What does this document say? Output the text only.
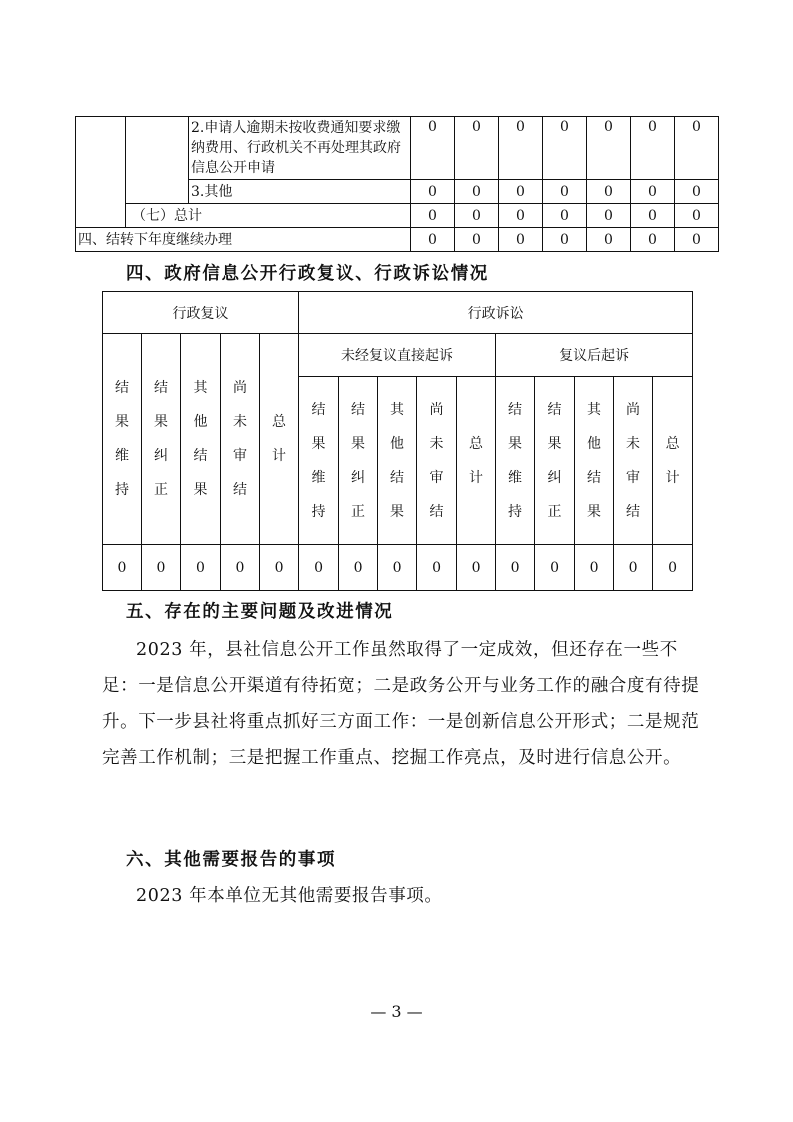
		2.申请人逾期未按收费通知要求缴纳费用、行政机关不再处理其政府信息公开申请	0	0	0	0	0	0	0
		3.其他	0	0	0	0	0	0	0
	（七）总计		0	0	0	0	0	0	0
四、结转下年度继续办理			0	0	0	0	0	0	0
四、政府信息公开行政复议、行政诉讼情况
行政复议					行政诉讼									
结果维持	结果纠正	其他结果	尚未审结	总计	未经复议直接起诉					复议后起诉				
					结果维持	结果纠正	其他结果	尚未审结	总计	结果维持	结果纠正	其他结果	尚未审结	总计
0	0	0	0	0	0	0	0	0	0	0	0	0	0	0
五、存在的主要问题及改进情况
2023 年，县社信息公开工作虽然取得了一定成效，但还存在一些不足：一是信息公开渠道有待拓宽；二是政务公开与业务工作的融合度有待提升。下一步县社将重点抓好三方面工作：一是创新信息公开形式；二是规范完善工作机制；三是把握工作重点、挖掘工作亮点，及时进行信息公开。
六、其他需要报告的事项
2023 年本单位无其他需要报告事项。
— 3 —
